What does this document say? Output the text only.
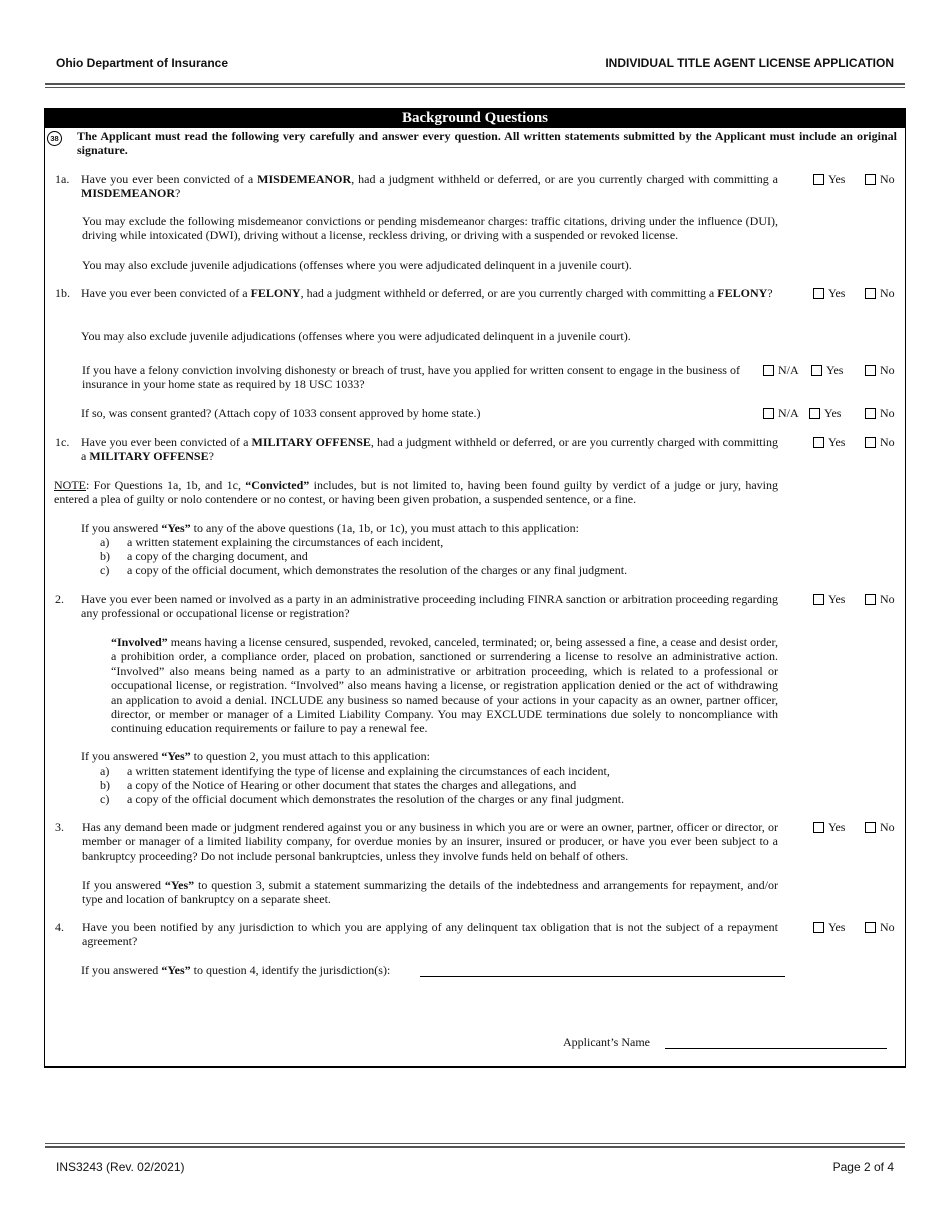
Ohio Department of Insurance	INDIVIDUAL TITLE AGENT LICENSE APPLICATION
Background Questions
38 The Applicant must read the following very carefully and answer every question. All written statements submitted by the Applicant must include an original signature.
1a. Have you ever been convicted of a MISDEMEANOR, had a judgment withheld or deferred, or are you currently charged with committing a MISDEMEANOR?
Yes	No
You may exclude the following misdemeanor convictions or pending misdemeanor charges: traffic citations, driving under the influence (DUI), driving while intoxicated (DWI), driving without a license, reckless driving, or driving with a suspended or revoked license.
You may also exclude juvenile adjudications (offenses where you were adjudicated delinquent in a juvenile court).
1b. Have you ever been convicted of a FELONY, had a judgment withheld or deferred, or are you currently charged with committing a FELONY?	Yes	No
You may also exclude juvenile adjudications (offenses where you were adjudicated delinquent in a juvenile court).
If you have a felony conviction involving dishonesty or breach of trust, have you applied for written consent to engage in the business of insurance in your home state as required by 18 USC 1033?
N/A Yes	No
If so, was consent granted? (Attach copy of 1033 consent approved by home state.)	N/A Yes	No
1c. Have you ever been convicted of a MILITARY OFFENSE, had a judgment withheld or deferred, or are you currently charged with committing a MILITARY OFFENSE?
Yes	No
NOTE: For Questions 1a, 1b, and 1c, “Convicted” includes, but is not limited to, having been found guilty by verdict of a judge or jury, having entered a plea of guilty or nolo contendere or no contest, or having been given probation, a suspended sentence, or a fine.
If you answered “Yes” to any of the above questions (1a, 1b, or 1c), you must attach to this application:
a) a written statement explaining the circumstances of each incident,
b) a copy of the charging document, and
c) a copy of the official document, which demonstrates the resolution of the charges or any final judgment.
2. Have you ever been named or involved as a party in an administrative proceeding including FINRA sanction or arbitration proceeding regarding any professional or occupational license or registration?
Yes	No
“Involved” means having a license censured, suspended, revoked, canceled, terminated; or, being assessed a fine, a cease and desist order, a prohibition order, a compliance order, placed on probation, sanctioned or surrendering a license to resolve an administrative action. “Involved” also means being named as a party to an administrative or arbitration proceeding, which is related to a professional or occupational license, or registration. “Involved” also means having a license, or registration application denied or the act of withdrawing an application to avoid a denial. INCLUDE any business so named because of your actions in your capacity as an owner, partner officer, director, or member or manager of a Limited Liability Company. You may EXCLUDE terminations due solely to noncompliance with continuing education requirements or failure to pay a renewal fee.
If you answered “Yes” to question 2, you must attach to this application:
a) a written statement identifying the type of license and explaining the circumstances of each incident,
b) a copy of the Notice of Hearing or other document that states the charges and allegations, and
c) a copy of the official document which demonstrates the resolution of the charges or any final judgment.
3. Has any demand been made or judgment rendered against you or any business in which you are or were an owner, partner, officer or director, or member or manager of a limited liability company, for overdue monies by an insurer, insured or producer, or have you ever been subject to a bankruptcy proceeding? Do not include personal bankruptcies, unless they involve funds held on behalf of others.
Yes	No
If you answered “Yes” to question 3, submit a statement summarizing the details of the indebtedness and arrangements for repayment, and/or type and location of bankruptcy on a separate sheet.
4. Have you been notified by any jurisdiction to which you are applying of any delinquent tax obligation that is not the subject of a repayment agreement?
Yes	No
If you answered “Yes” to question 4, identify the jurisdiction(s):
Applicant’s Name
INS3243 (Rev. 02/2021)	Page 2 of 4
